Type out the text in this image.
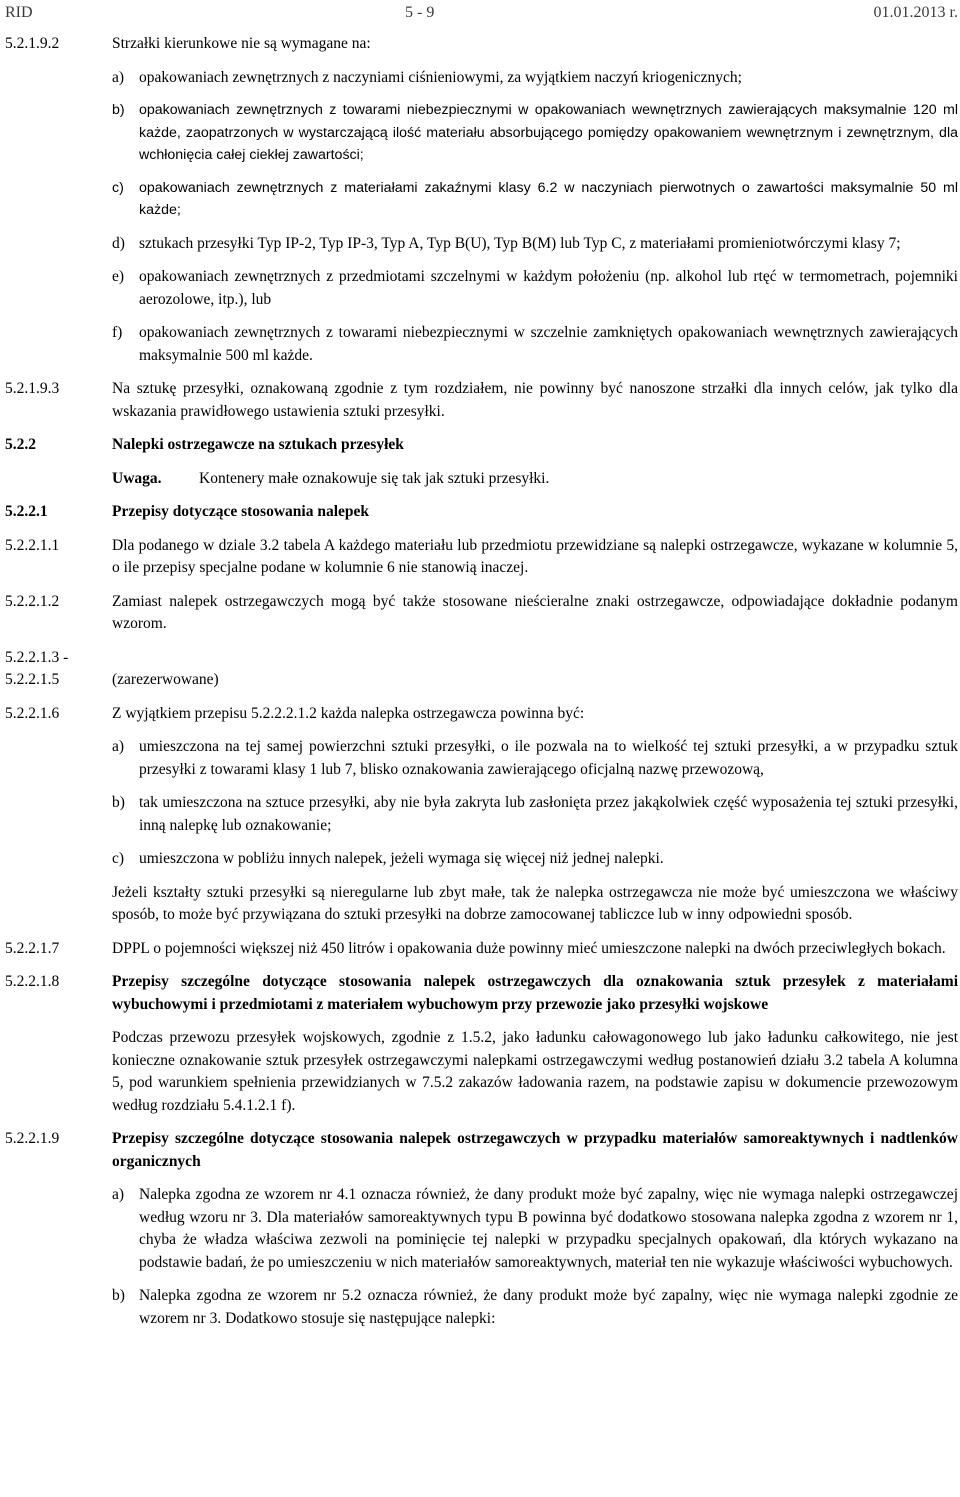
RID	5 - 9	01.01.2013 r.
5.2.1.9.2	Strzałki kierunkowe nie są wymagane na:
a) opakowaniach zewnętrznych z naczyniami ciśnieniowymi, za wyjątkiem naczyń kriogenicznych;
b)	opakowaniach zewnętrznych z towarami niebezpiecznymi w opakowaniach wewnętrznych zawierających maksymalnie 120 ml każde, zaopatrzonych w wystarczającą ilość materiału absorbującego pomiędzy opakowaniem wewnętrznym i zewnętrznym, dla wchłonięcia całej ciekłej zawartości;
c)	opakowaniach zewnętrznych z materiałami zakaźnymi klasy 6.2 w naczyniach pierwotnych o zawartości maksymalnie 50 ml każde;
d) sztukach przesyłki Typ IP-2, Typ IP-3, Typ A, Typ B(U), Typ B(M) lub Typ C, z materiałami promieniotwórczymi klasy 7;
e) opakowaniach zewnętrznych z przedmiotami szczelnymi w każdym położeniu (np. alkohol lub rtęć w termometrach, pojemniki aerozolowe, itp.), lub
f)	opakowaniach zewnętrznych z towarami niebezpiecznymi w szczelnie zamkniętych opakowaniach wewnętrznych zawierających maksymalnie 500 ml każde.
5.2.1.9.3	Na sztukę przesyłki, oznakowaną zgodnie z tym rozdziałem, nie powinny być nanoszone strzałki dla innych celów, jak tylko dla wskazania prawidłowego ustawienia sztuki przesyłki.
5.2.2	Nalepki ostrzegawcze na sztukach przesyłek
Uwaga.	Kontenery małe oznakowuje się tak jak sztuki przesyłki.
5.2.2.1	Przepisy dotyczące stosowania nalepek
5.2.2.1.1	Dla podanego w dziale 3.2 tabela A każdego materiału lub przedmiotu przewidziane są nalepki ostrzegawcze, wykazane w kolumnie 5, o ile przepisy specjalne podane w kolumnie 6 nie stanowią inaczej.
5.2.2.1.2	Zamiast nalepek ostrzegawczych mogą być także stosowane nieścieralne znaki ostrzegawcze, odpowiadające dokładnie podanym wzorom.
5.2.2.1.3 -
5.2.2.1.5	(zarezerwowane)
5.2.2.1.6	Z wyjątkiem przepisu 5.2.2.2.1.2 każda nalepka ostrzegawcza powinna być:
a) umieszczona na tej samej powierzchni sztuki przesyłki, o ile pozwala na to wielkość tej sztuki przesyłki, a w przypadku sztuk przesyłki z towarami klasy 1 lub 7, blisko oznakowania zawierającego oficjalną nazwę przewozową,
b) tak umieszczona na sztuce przesyłki, aby nie była zakryta lub zasłonięta przez jakąkolwiek część wyposażenia tej sztuki przesyłki, inną nalepkę lub oznakowanie;
c) umieszczona w pobliżu innych nalepek, jeżeli wymaga się więcej niż jednej nalepki.
Jeżeli kształty sztuki przesyłki są nieregularne lub zbyt małe, tak że nalepka ostrzegawcza nie może być umieszczona we właściwy sposób, to może być przywiązana do sztuki przesyłki na dobrze zamocowanej tabliczce lub w inny odpowiedni sposób.
5.2.2.1.7	DPPL o pojemności większej niż 450 litrów i opakowania duże powinny mieć umieszczone nalepki na dwóch przeciwległych bokach.
5.2.2.1.8	Przepisy szczególne dotyczące stosowania nalepek ostrzegawczych dla oznakowania sztuk przesyłek z materiałami wybuchowymi i przedmiotami z materiałem wybuchowym przy przewozie jako przesyłki wojskowe
Podczas przewozu przesyłek wojskowych, zgodnie z 1.5.2, jako ładunku całowagonowego lub jako ładunku całkowitego, nie jest konieczne oznakowanie sztuk przesyłek ostrzegawczymi nalepkami ostrzegawczymi według postanowień działu 3.2 tabela A kolumna 5, pod warunkiem spełnienia przewidzianych w 7.5.2 zakazów ładowania razem, na podstawie zapisu w dokumencie przewozowym według rozdziału 5.4.1.2.1 f).
5.2.2.1.9	Przepisy szczególne dotyczące stosowania nalepek ostrzegawczych w przypadku materiałów samoreaktywnych i nadtlenków organicznych
a) Nalepka zgodna ze wzorem nr 4.1 oznacza również, że dany produkt może być zapalny, więc nie wymaga nalepki ostrzegawczej według wzoru nr 3. Dla materiałów samoreaktywnych typu B powinna być dodatkowo stosowana nalepka zgodna z wzorem nr 1, chyba że władza właściwa zezwoli na pominięcie tej nalepki w przypadku specjalnych opakowań, dla których wykazano na podstawie badań, że po umieszczeniu w nich materiałów samoreaktywnych, materiał ten nie wykazuje właściwości wybuchowych.
b) Nalepka zgodna ze wzorem nr 5.2 oznacza również, że dany produkt może być zapalny, więc nie wymaga nalepki zgodnie ze wzorem nr 3. Dodatkowo stosuje się następujące nalepki:
